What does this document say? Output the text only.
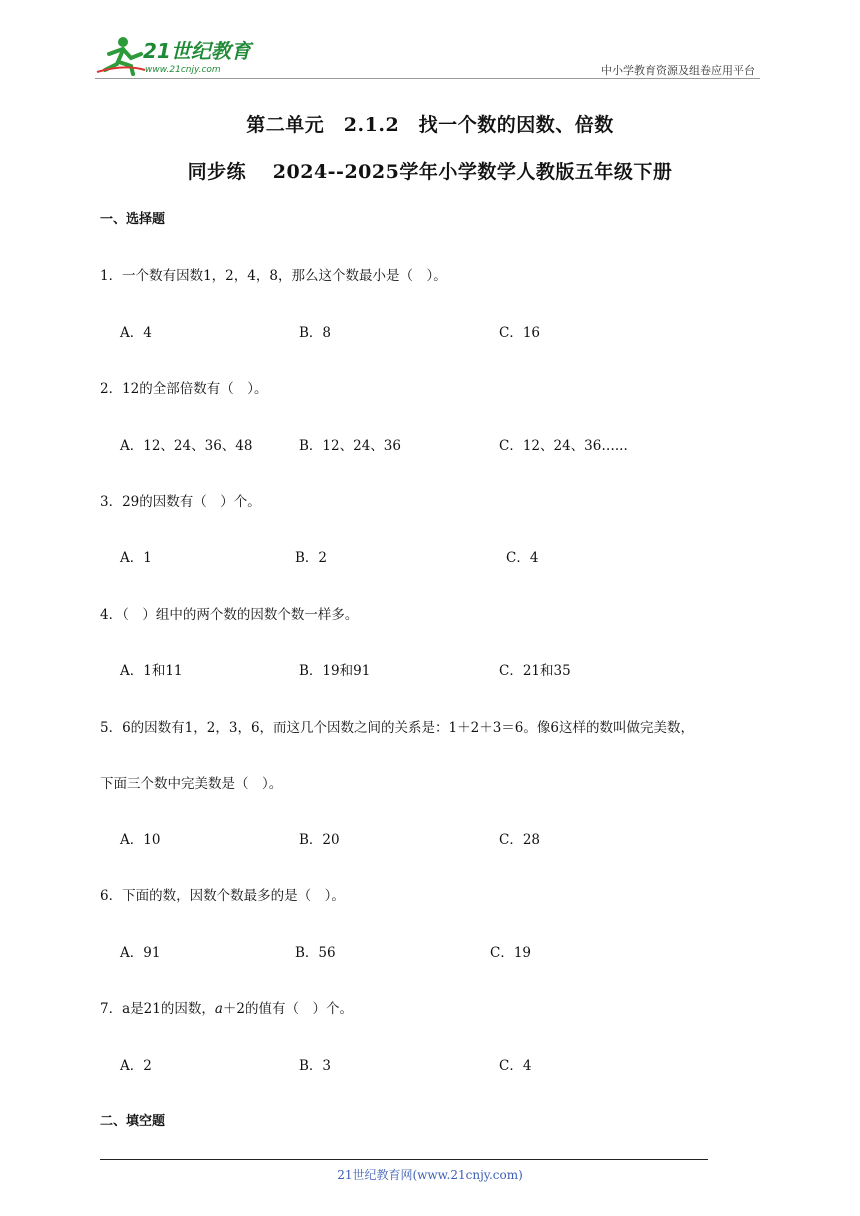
21世纪教育
www.21cnjy.com	中小学教育资源及组卷应用平台
第二单元　2.1.2　找一个数的因数、倍数
同步练　 2024--2025学年小学数学人教版五年级下册
一、选择题
1．一个数有因数1，2，4，8，那么这个数最小是（　）。
A．4	B．8	C．16
2．12的全部倍数有（　）。
A．12、24、36、48	B．12、24、36	C．12、24、36…...
3．29的因数有（　）个。
A．1	B．2	C．4
4．（　）组中的两个数的因数个数一样多。
A．1和11	B．19和91	C．21和35
5．6的因数有1，2，3，6，而这几个因数之间的关系是：1＋2＋3＝6。像6这样的数叫做完美数，
下面三个数中完美数是（　）。
A．10	B．20	C．28
6．下面的数，因数个数最多的是（　）。
A．91	B．56	C．19
7．a是21的因数，a＋2的值有（　）个。
A．2	B．3	C．4
二、填空题
21世纪教育网(www.21cnjy.com)
